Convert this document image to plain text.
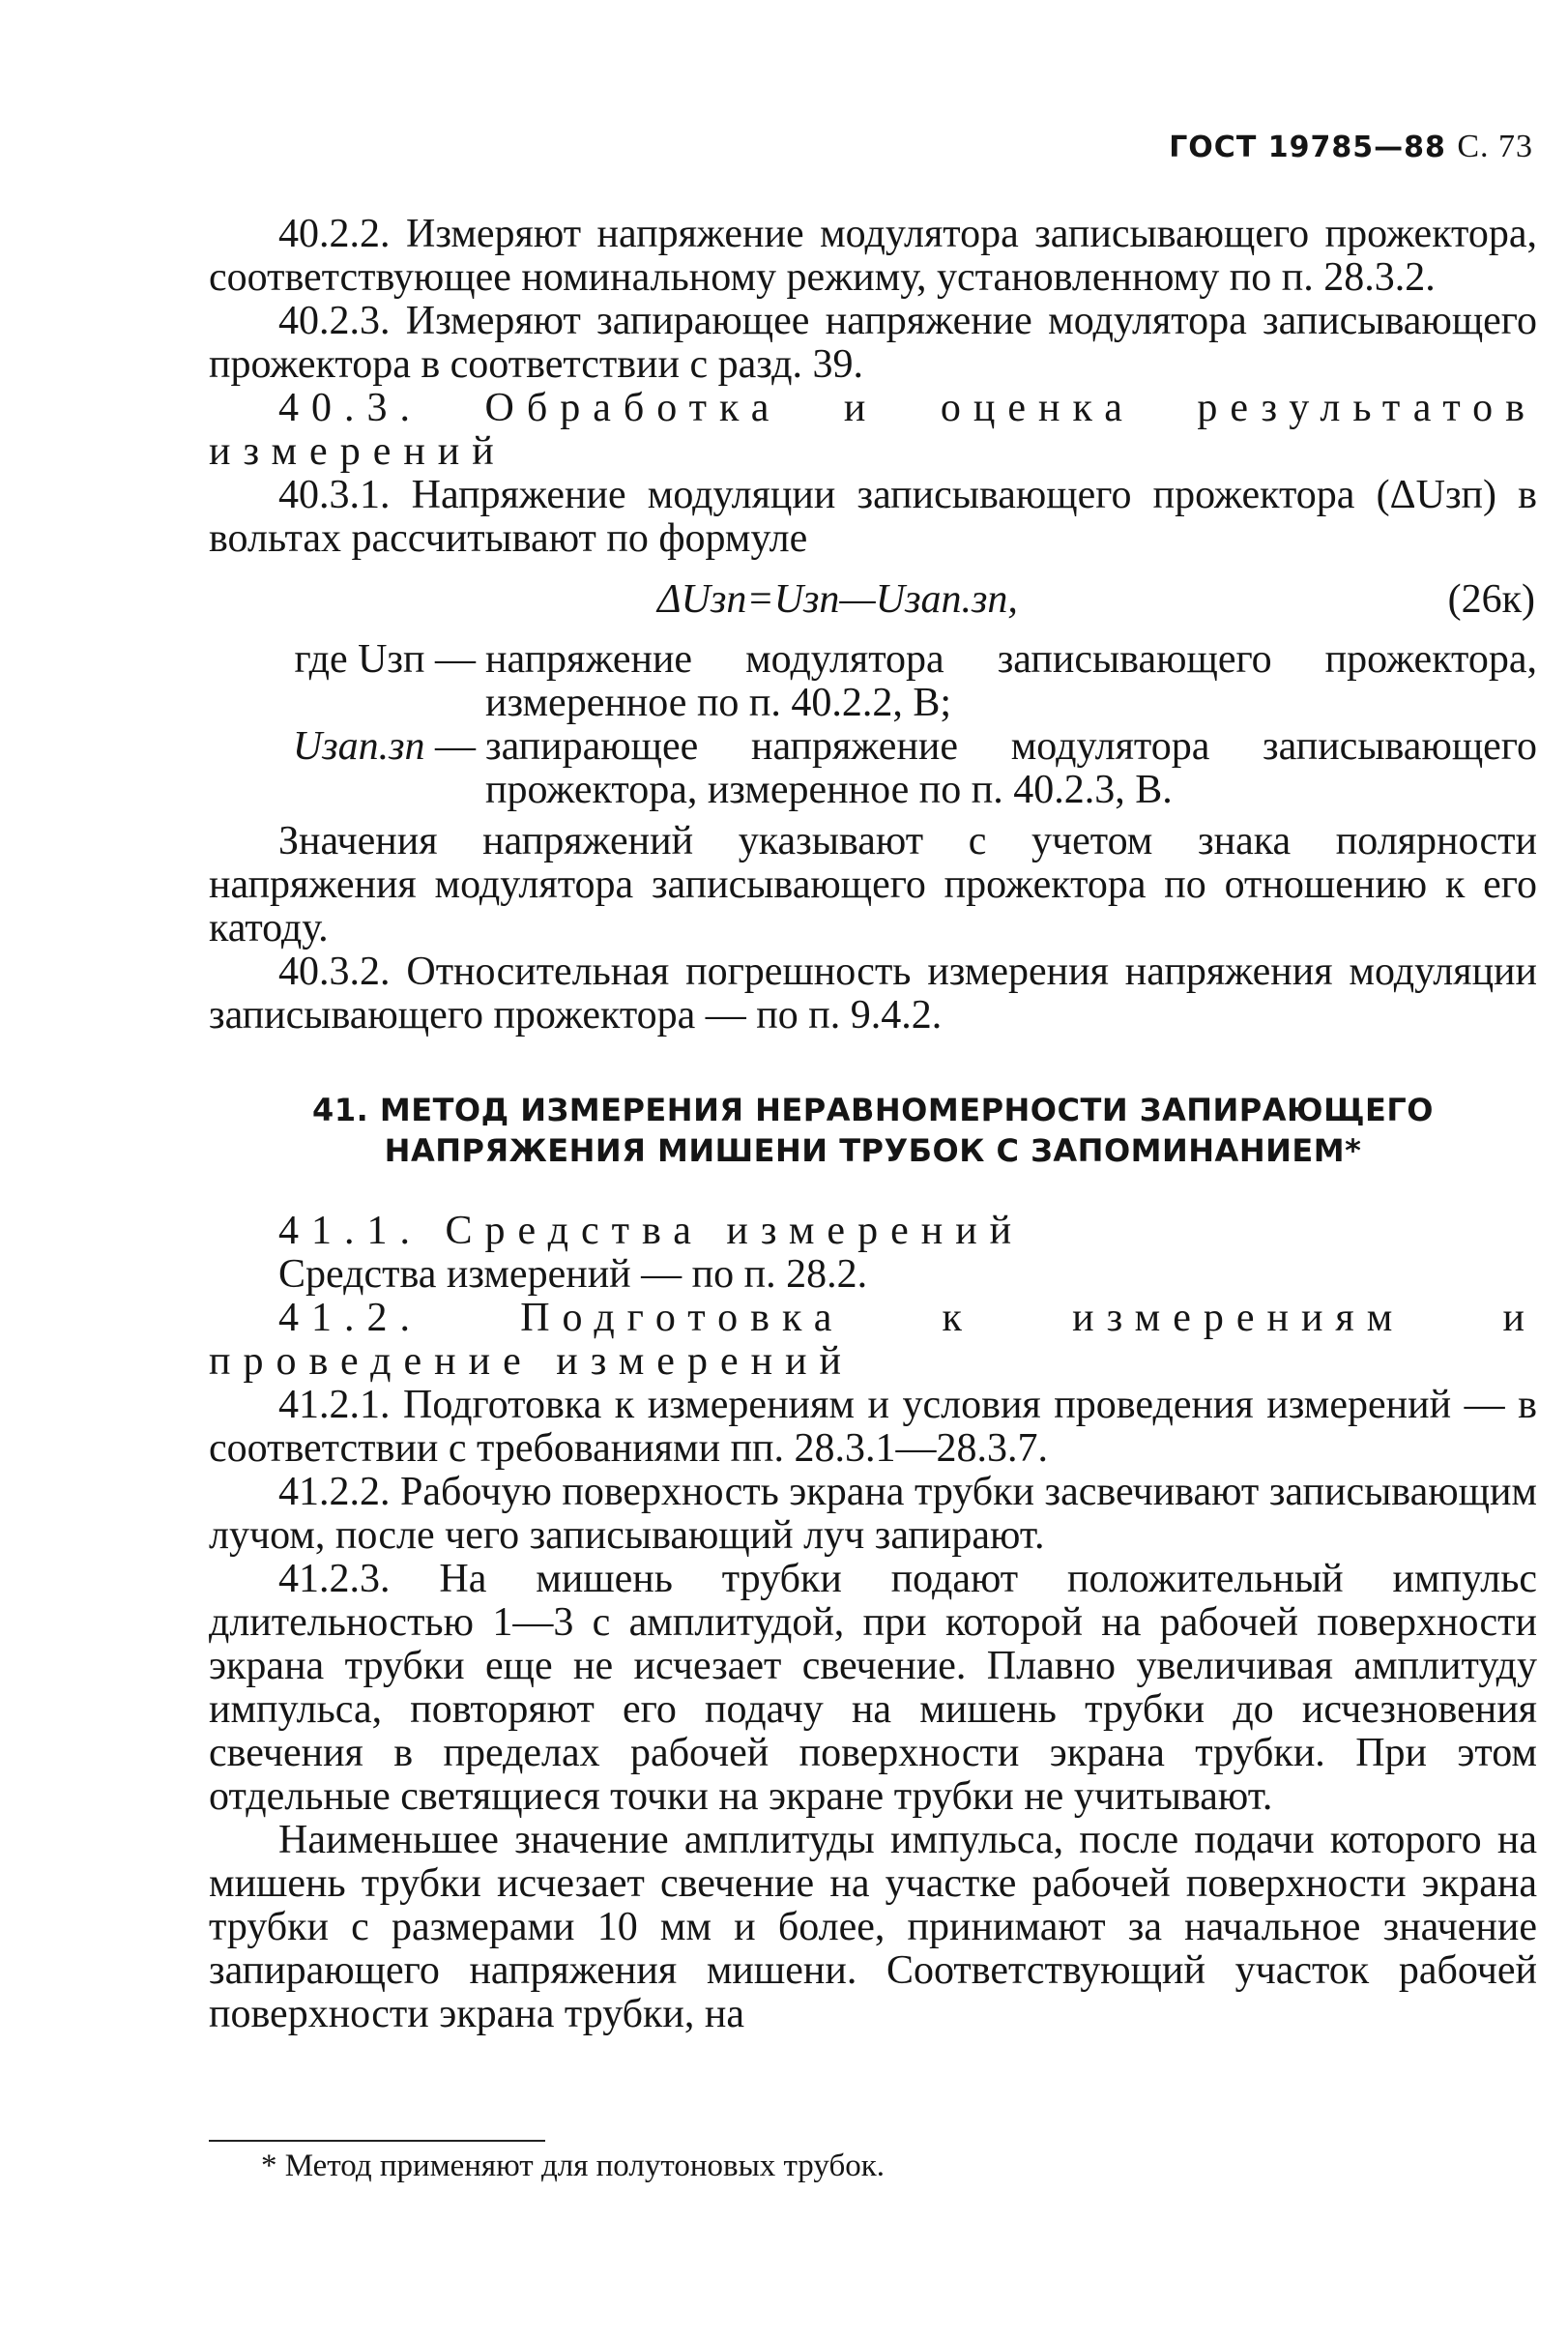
ГОСТ 19785—88 С. 73

40.2.2. Измеряют напряжение модулятора записывающего прожектора, соответствующее номинальному режиму, установленному по п. 28.3.2.

40.2.3. Измеряют запирающее напряжение модулятора записывающего прожектора в соответствии с разд. 39.

40.3. Обработка и оценка результатов измерений

40.3.1. Напряжение модуляции записывающего прожектора (ΔUзп) в вольтах рассчитывают по формуле

ΔUзп=Uзп—Uзап.зп,	(26к)
где Uзп —	напряжение модулятора записывающего прожектора, измеренное по п. 40.2.2, В;
Uзап.зп —	запирающее напряжение модулятора записывающего прожектора, измеренное по п. 40.2.3, В.

Значения напряжений указывают с учетом знака полярности напряжения модулятора записывающего прожектора по отношению к его катоду.

40.3.2. Относительная погрешность измерения напряжения модуляции записывающего прожектора — по п. 9.4.2.

41. МЕТОД ИЗМЕРЕНИЯ НЕРАВНОМЕРНОСТИ ЗАПИРАЮЩЕГО НАПРЯЖЕНИЯ МИШЕНИ ТРУБОК С ЗАПОМИНАНИЕМ*

41.1. Средства измерений

Средства измерений — по п. 28.2.

41.2. Подготовка к измерениям и проведение измерений

41.2.1. Подготовка к измерениям и условия проведения измерений — в соответствии с требованиями пп. 28.3.1—28.3.7.

41.2.2. Рабочую поверхность экрана трубки засвечивают записывающим лучом, после чего записывающий луч запирают.

41.2.3. На мишень трубки подают положительный импульс длительностью 1—3 с амплитудой, при которой на рабочей поверхности экрана трубки еще не исчезает свечение. Плавно увеличивая амплитуду импульса, повторяют его подачу на мишень трубки до исчезновения свечения в пределах рабочей поверхности экрана трубки. При этом отдельные светящиеся точки на экране трубки не учитывают.

Наименьшее значение амплитуды импульса, после подачи которого на мишень трубки исчезает свечение на участке рабочей поверхности экрана трубки с размерами 10 мм и более, принимают за начальное значение запирающего напряжения мишени. Соответствующий участок рабочей поверхности экрана трубки, на

* Метод применяют для полутоновых трубок.
